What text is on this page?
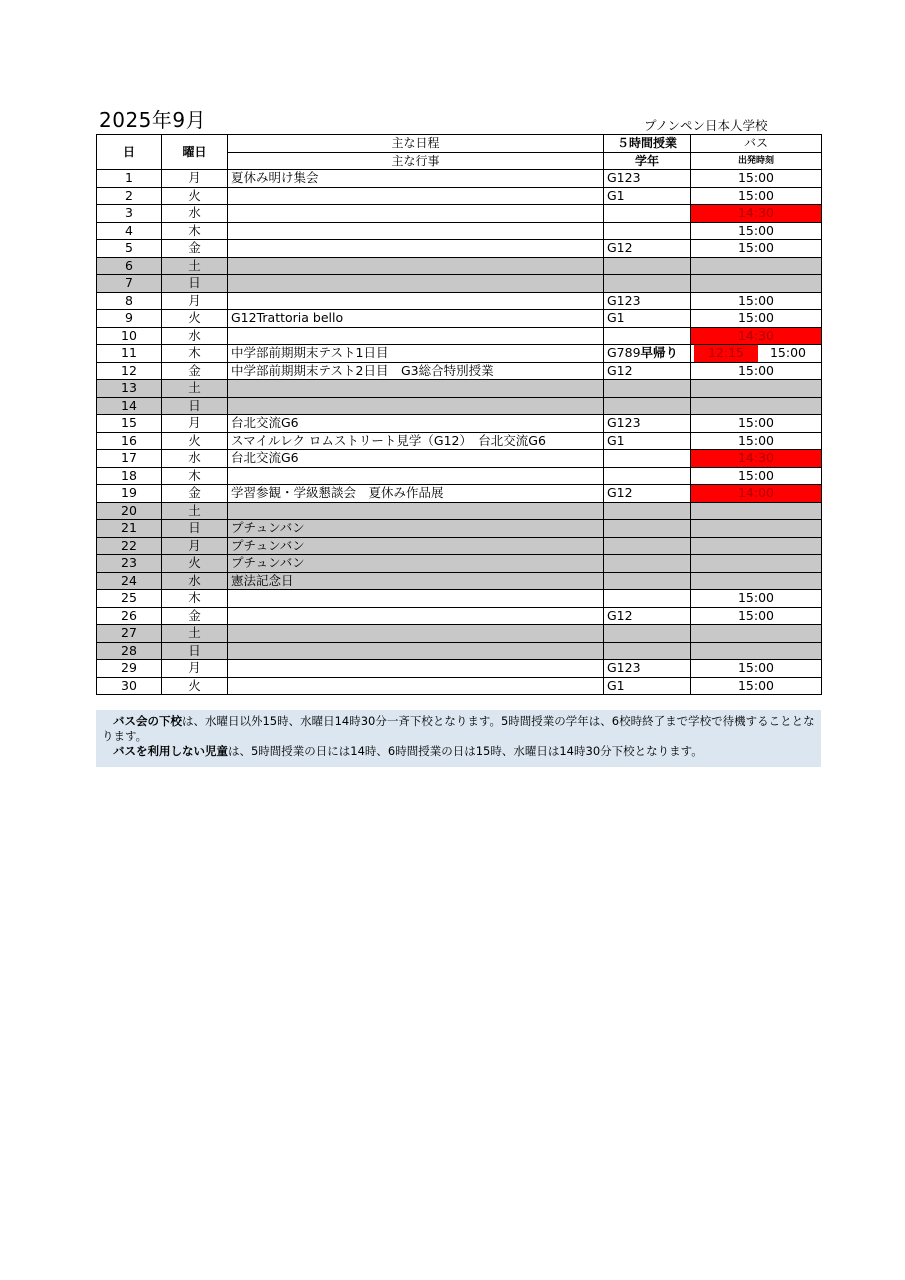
2025年9月	プノンペン日本人学校
日	曜日	主な日程	５時間授業	バス
		主な行事	学年	出発時刻
1	月	夏休み明け集会	G123	15:00
2	火		G1	15:00
3	水			14:30
4	木			15:00
5	金		G12	15:00
6	土			
7	日			
8	月		G123	15:00
9	火	G12Trattoria bello	G1	15:00
10	水			14:30
11	木	中学部前期期末テスト1日目	G789早帰り	12:15 15:00

12	金	中学部前期期末テスト2日目　G3総合特別授業	G12	15:00
13	土			
14	日			
15	月	台北交流G6	G123	15:00
16	火	スマイルレク ロムストリート見学（G12）　台北交流G6	G1	15:00
17	水	台北交流G6		14:30
18	木			15:00
19	金	学習参観・学級懇談会　夏休み作品展	G12	14:00
20	土			
21	日	プチュンバン		
22	月	プチュンバン		
23	火	プチュンバン		
24	水	憲法記念日		
25	木			15:00
26	金		G12	15:00
27	土			
28	日			
29	月		G123	15:00
30	火		G1	15:00

バス会の下校は、水曜日以外15時、水曜日14時30分一斉下校となります。5時間授業の学年は、6校時終了まで学校で待機することとなります。

バスを利用しない児童は、5時間授業の日には14時、6時間授業の日は15時、水曜日は14時30分下校となります。
